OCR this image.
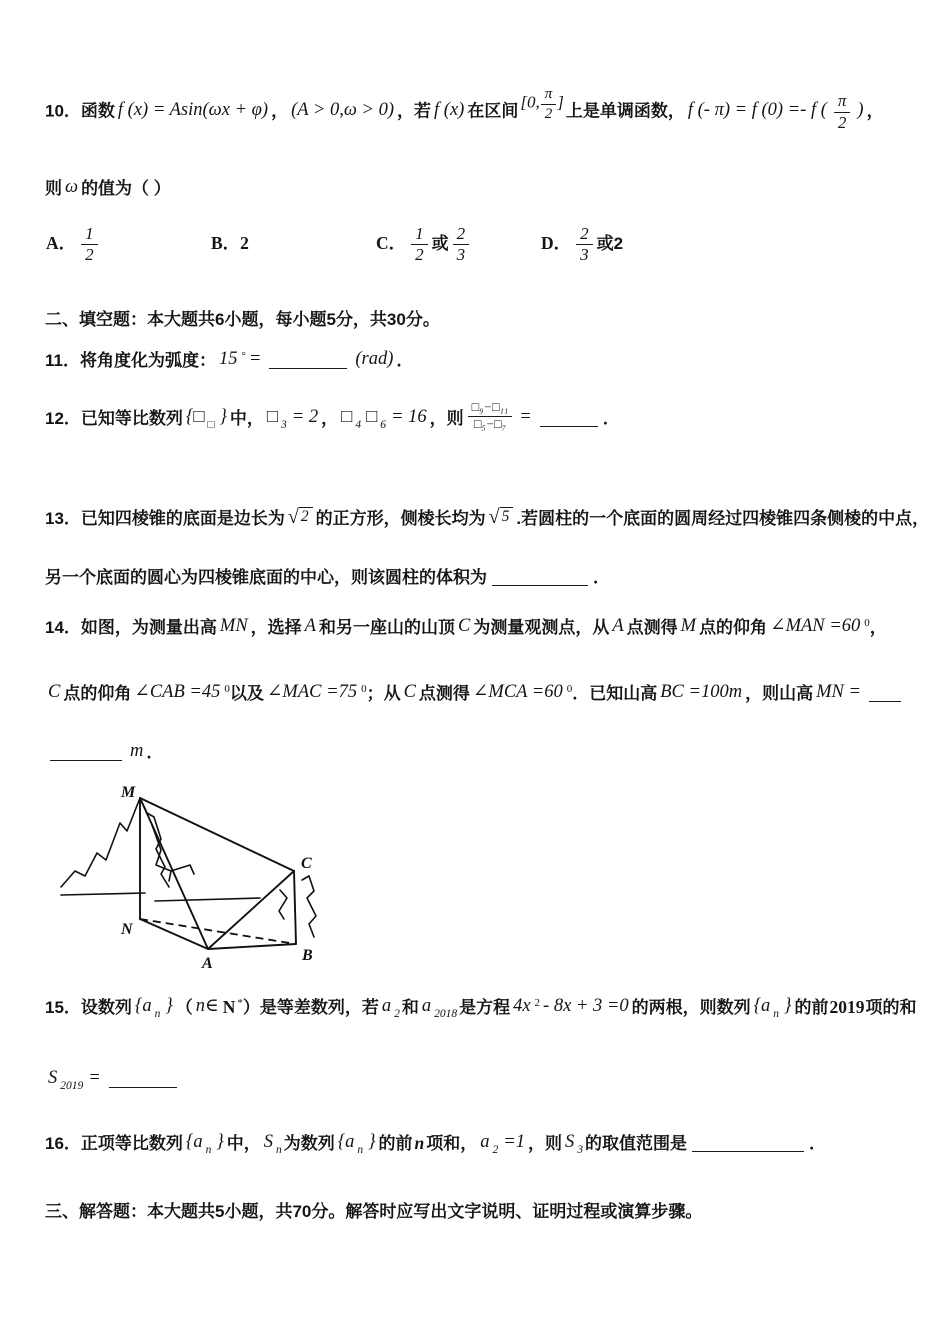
10．函数 f (x) = Asin(ωx + φ) ， (A > 0,ω > 0) ，若 f (x) 在区间 [0, $\frac{\pi}{2}$ ] 上是单调函数， f (- π) = f (0) =- f ( $\frac{\pi}{2}$ ) ，
则 ω 的值为（ ）
A． $\frac{1}{2}$	B．2	C． $\frac{1}{2}$ 或 $\frac{2}{3}$	D． $\frac{2}{3}$ 或2
二、填空题：本大题共6小题，每小题5分，共30分。
11．将角度化为弧度： 15 ° =	(rad) ．
12．已知等比数列 {□ $_□$ } 中， □ $_3$ = 2 ， □ $_4$ □ $_6$ = 16 ，则 $\frac{\text{□₉−□₁₁}}{\text{□₅−□₇}}$ =	．
13．已知四棱锥的底面是边长为 √ 2 的正方形，侧棱长均为 √ 5 .若圆柱的一个底面的圆周经过四棱锥四条侧棱的中点，
另一个底面的圆心为四棱锥底面的中心，则该圆柱的体积为	．
14．如图，为测量出高 MN ，选择 A 和另一座山的山顶 C 为测量观测点，从 A 点测得 M 点的仰角 ∠MAN =60 $^0$，
C 点的仰角 ∠CAB =45 $^0$以及 ∠MAC =75 $^0$；从 C 点测得 ∠MCA =60 $^0$．已知山高 BC =100m ，则山高 MN =
m ．
M
N
A	B
C
15．设数列 {a $_n$ } （ n∈ N *）是等差数列，若 a $_2$ 和 a $_{2018}$ 是方程 4x $^2$ - 8x + 3 =0 的两根，则数列 {a $_n$ } 的前2019项的和
S $_{2019}$ =
16．正项等比数列 {a $_n$ } 中， S $_n$ 为数列 {a $_n$ } 的前 n 项和， a $_2$ =1 ，则 S $_3$ 的取值范围是	．
三、解答题：本大题共5小题，共70分。解答时应写出文字说明、证明过程或演算步骤。
